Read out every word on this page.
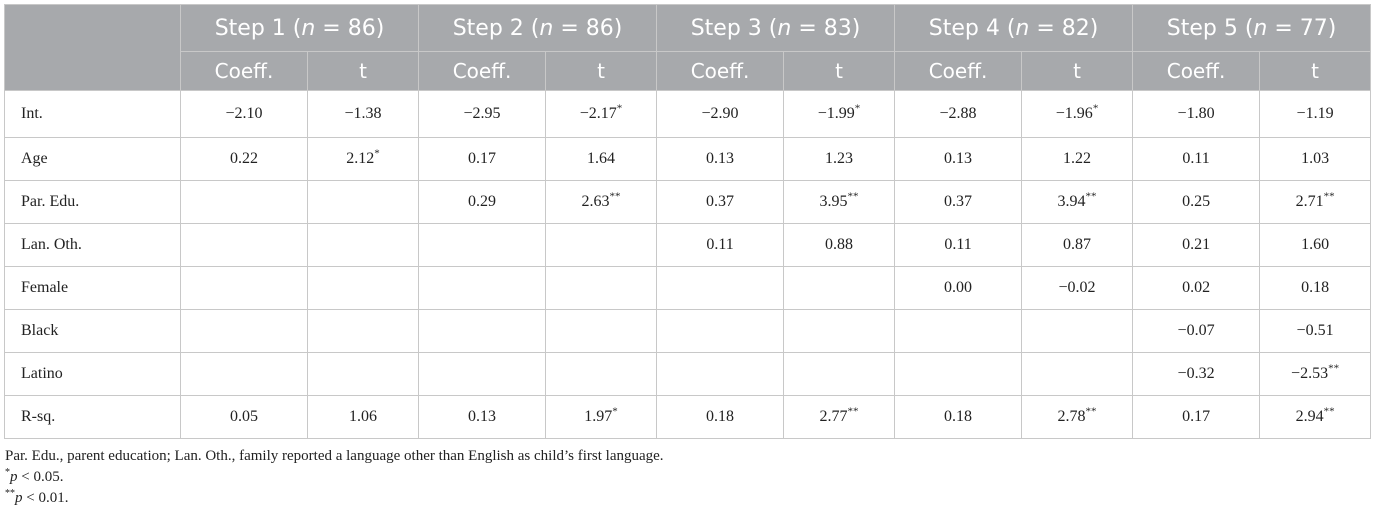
	Step 1 (n = 86)		Step 2 (n = 86)		Step 3 (n = 83)		Step 4 (n = 82)		Step 5 (n = 77)	
	Coeff.	t	Coeff.	t	Coeff.	t	Coeff.	t	Coeff.	t
Int.	−2.10	−1.38	−2.95	−2.17*	−2.90	−1.99*	−2.88	−1.96*	−1.80	−1.19
Age	0.22	2.12*	0.17	1.64	0.13	1.23	0.13	1.22	0.11	1.03
Par. Edu.			0.29	2.63**	0.37	3.95**	0.37	3.94**	0.25	2.71**
Lan. Oth.					0.11	0.88	0.11	0.87	0.21	1.60
Female							0.00	−0.02	0.02	0.18
Black									−0.07	−0.51
Latino									−0.32	−2.53**
R-sq.	0.05	1.06	0.13	1.97*	0.18	2.77**	0.18	2.78**	0.17	2.94**
Par. Edu., parent education; Lan. Oth., family reported a language other than English as child’s first language.
*p < 0.05.
**p < 0.01.
